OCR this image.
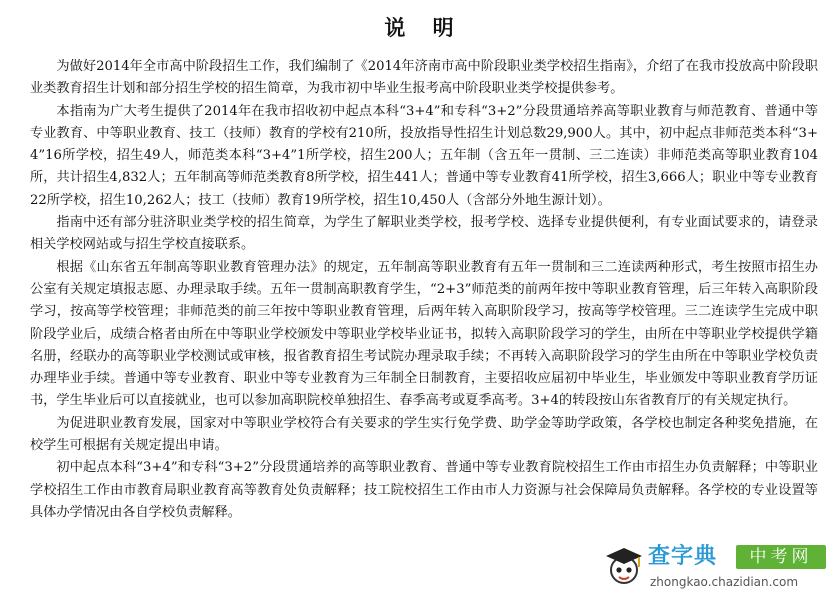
说 明

为做好2014年全市高中阶段招生工作，我们编制了《2014年济南市高中阶段职业类学校招生指南》，介绍了在我市投放高中阶段职业类教育招生计划和部分招生学校的招生简章，为我市初中毕业生报考高中阶段职业类学校提供参考。

本指南为广大考生提供了2014年在我市招收初中起点本科“3+4”和专科“3+2”分段贯通培养高等职业教育与师范教育、普通中等专业教育、中等职业教育、技工（技师）教育的学校有210所，投放指导性招生计划总数29,900人。其中，初中起点非师范类本科“3+4”16所学校，招生49人，师范类本科“3+4”1所学校，招生200人；五年制（含五年一贯制、三二连读）非师范类高等职业教育104所，共计招生4,832人；五年制高等师范类教育8所学校，招生441人；普通中等专业教育41所学校，招生3,666人；职业中等专业教育22所学校，招生10,262人；技工（技师）教育19所学校，招生10,450人（含部分外地生源计划）。

指南中还有部分驻济职业类学校的招生简章，为学生了解职业类学校，报考学校、选择专业提供便利，有专业面试要求的，请登录相关学校网站或与招生学校直接联系。

根据《山东省五年制高等职业教育管理办法》的规定，五年制高等职业教育有五年一贯制和三二连读两种形式，考生按照市招生办公室有关规定填报志愿、办理录取手续。五年一贯制高职教育学生，“2+3”师范类的前两年按中等职业教育管理，后三年转入高职阶段学习，按高等学校管理；非师范类的前三年按中等职业教育管理，后两年转入高职阶段学习，按高等学校管理。三二连读学生完成中职阶段学业后，成绩合格者由所在中等职业学校颁发中等职业学校毕业证书，拟转入高职阶段学习的学生，由所在中等职业学校提供学籍名册，经联办的高等职业学校测试或审核，报省教育招生考试院办理录取手续；不再转入高职阶段学习的学生由所在中等职业学校负责办理毕业手续。普通中等专业教育、职业中等专业教育为三年制全日制教育，主要招收应届初中毕业生，毕业颁发中等职业教育学历证书，学生毕业后可以直接就业，也可以参加高职院校单独招生、春季高考或夏季高考。3+4的转段按山东省教育厅的有关规定执行。

为促进职业教育发展，国家对中等职业学校符合有关要求的学生实行免学费、助学金等助学政策，各学校也制定各种奖免措施，在校学生可根据有关规定提出申请。

初中起点本科“3+4”和专科“3+2”分段贯通培养的高等职业教育、普通中等专业教育院校招生工作由市招生办负责解释；中等职业学校招生工作由市教育局职业教育高等教育处负责解释；技工院校招生工作由市人力资源与社会保障局负责解释。各学校的专业设置等具体办学情况由各自学校负责解释。

查字典	中考网
zhongkao.chazidian.com
